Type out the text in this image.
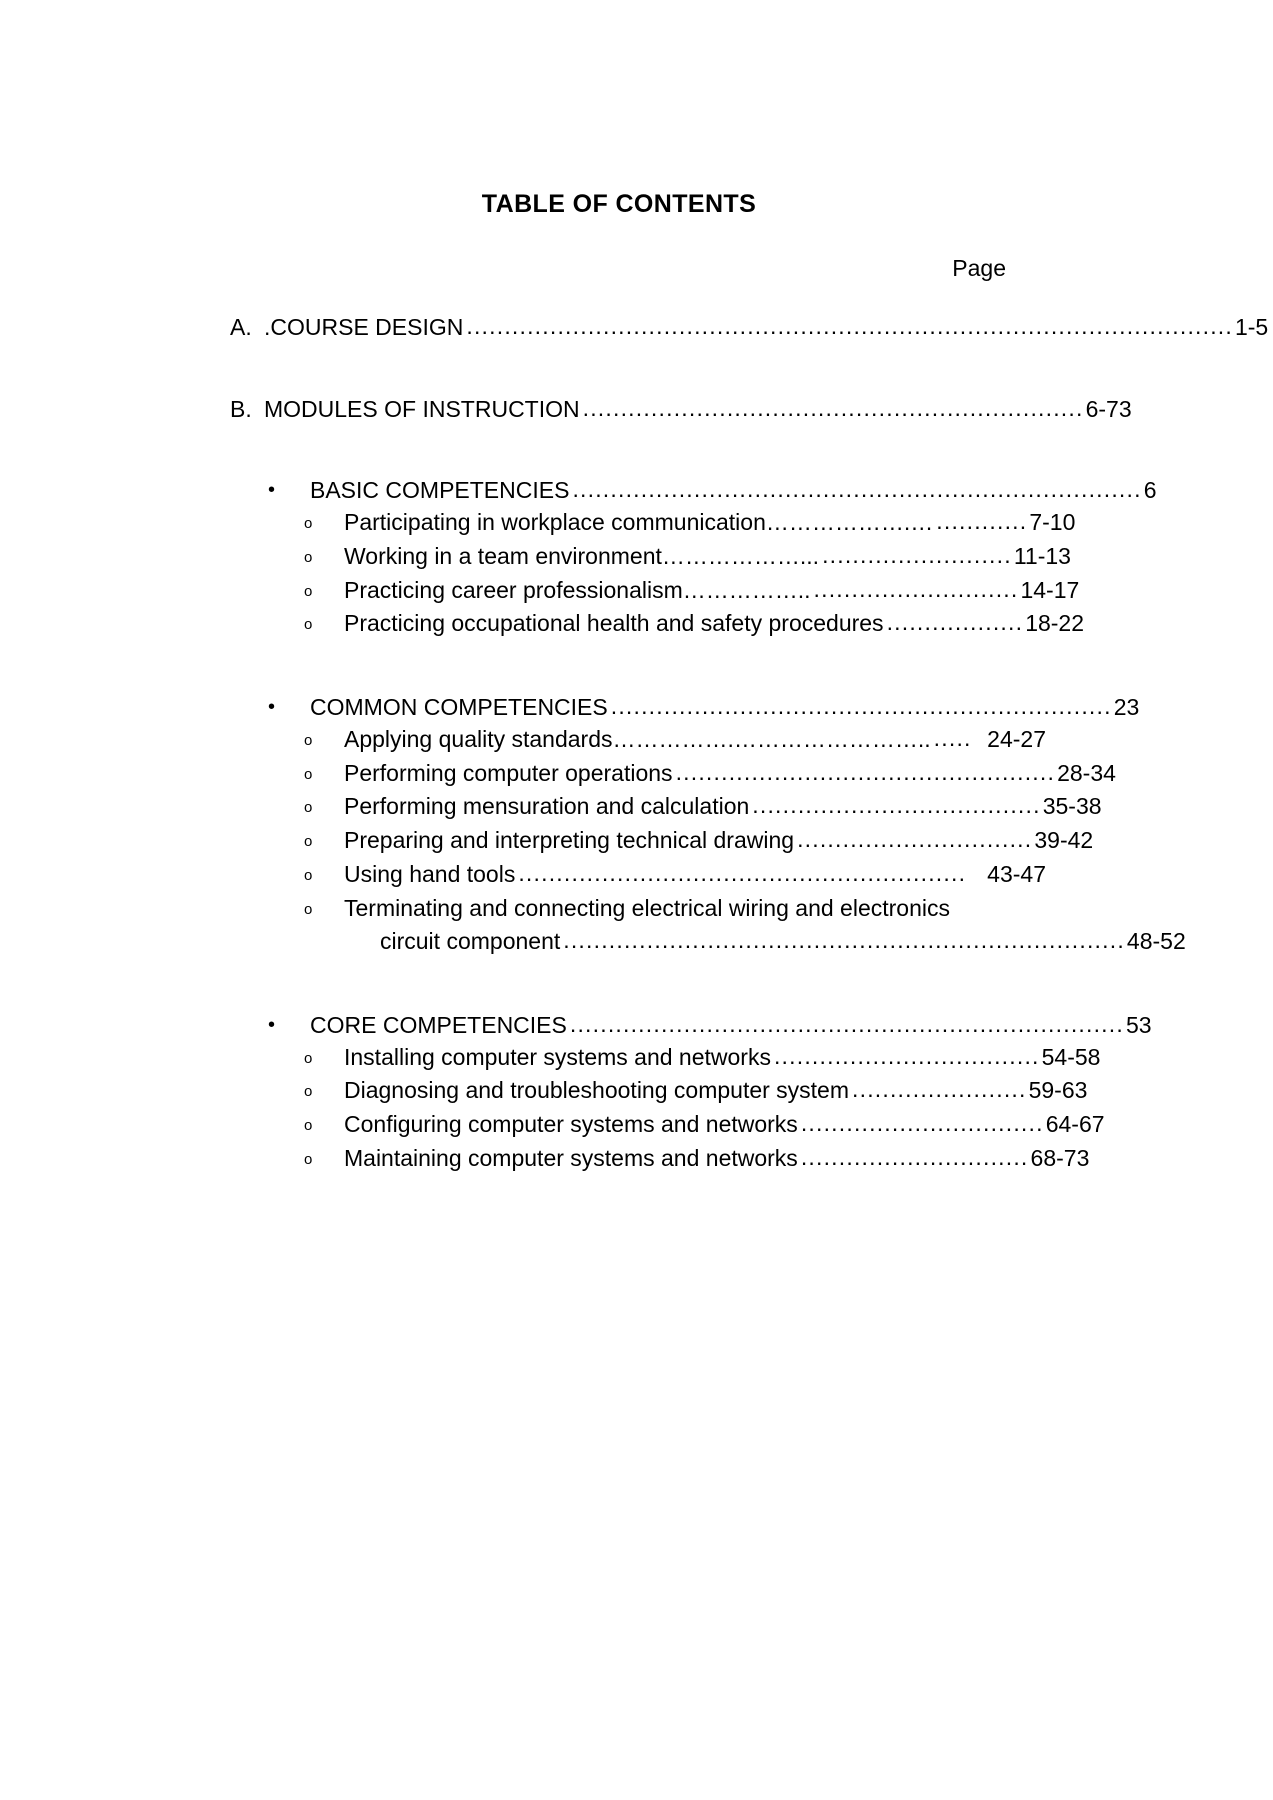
TABLE OF CONTENTS
Page
A. .COURSE DESIGN ..................................................................................................... 1-5
B. MODULES OF INSTRUCTION .................................................................. 6-73
•	BASIC COMPETENCIES ........................................................................... 6
o	Participating in workplace communication ……………….… ............ 7-10
o	Working in a team environment ………………... ......................... 11-13
o	Practicing career professionalism …………….. ........................... 14-17
o	Practicing occupational health and safety procedures .................. 18-22
•	COMMON COMPETENCIES .................................................................. 23
o	Applying quality standards …………….…………………….. ..... 24-27
o	Performing computer operations .................................................. 28-34
o	Performing mensuration and calculation ...................................... 35-38
o	Preparing and interpreting technical drawing ............................... 39-42
o	Using hand tools ........................................................... 43-47
o	Terminating and connecting electrical wiring and electronics
circuit component .......................................................................... 48-52
•	CORE COMPETENCIES ......................................................................... 53
o	Installing computer systems and networks ................................... 54-58
o	Diagnosing and troubleshooting computer system ....................... 59-63
o	Configuring computer systems and networks ................................ 64-67
o	Maintaining computer systems and networks .............................. 68-73
